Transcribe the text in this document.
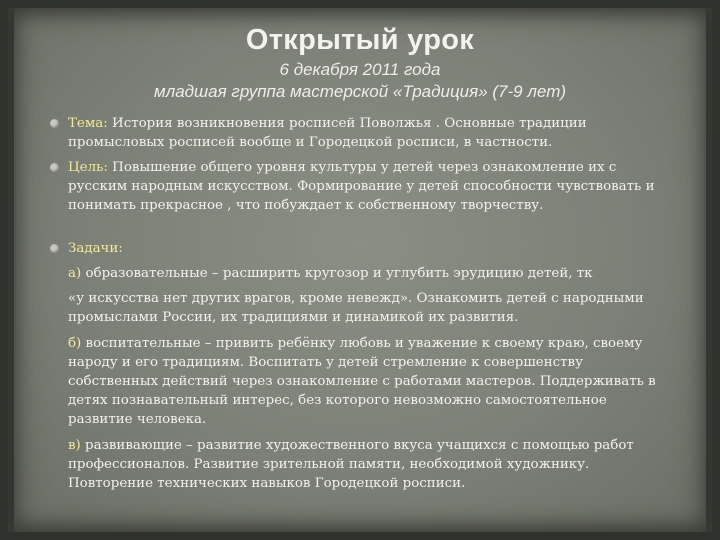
Открытый урок
6 декабря 2011 года
младшая группа мастерской «Традиция» (7-9 лет)
Тема: История возникновения росписей Поволжья . Основные традиции промысловых росписей вообще и Городецкой росписи, в частности.
Цель: Повышение общего уровня культуры у детей через ознакомление их с русским народным искусством. Формирование у детей способности чувствовать и понимать прекрасное , что побуждает к собственному творчеству.
Задачи:
а) образовательные – расширить кругозор и углубить эрудицию детей, тк
«у искусства нет других врагов, кроме невежд». Ознакомить детей с народными промыслами России, их традициями и динамикой их развития.
б) воспитательные – привить ребёнку любовь и уважение к своему краю, своему народу и его традициям. Воспитать у детей стремление к совершенству собственных действий через ознакомление с работами мастеров. Поддерживать в детях познавательный интерес, без которого невозможно самостоятельное развитие человека.
в) развивающие – развитие художественного вкуса учащихся с помощью работ профессионалов. Развитие зрительной памяти, необходимой художнику. Повторение технических навыков Городецкой росписи.
